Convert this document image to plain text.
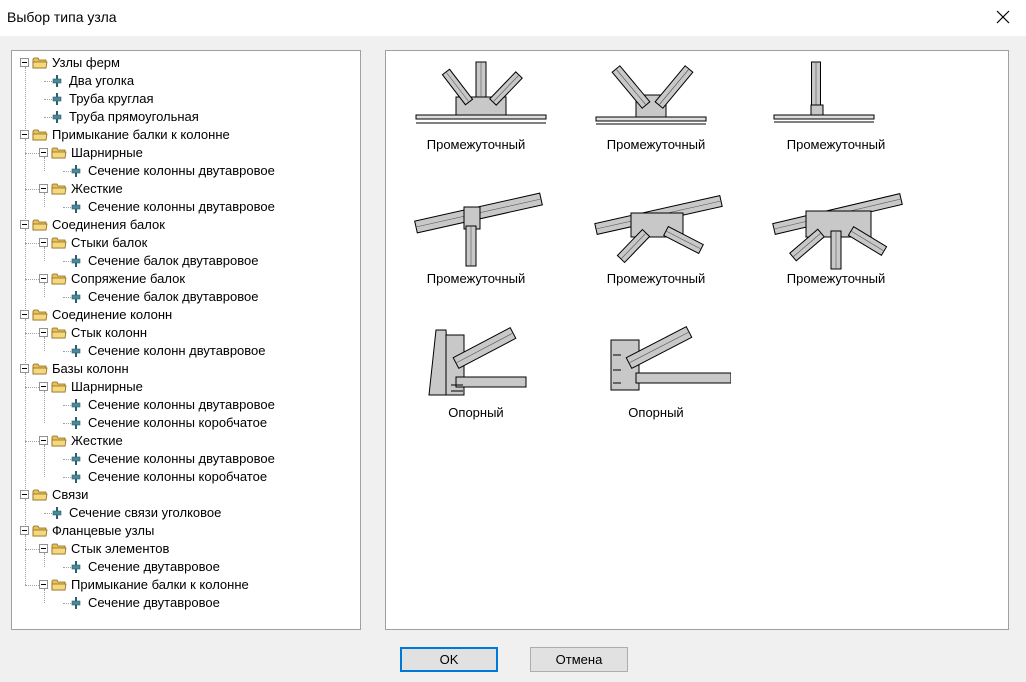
Выбор типа узла
Узлы ферм
Два уголка
Труба круглая
Труба прямоугольная
Примыкание балки к колонне
Шарнирные
Сечение колонны двутавровое
Жесткие
Сечение колонны двутавровое
Соединения балок
Стыки балок
Сечение балок двутавровое
Сопряжение балок
Сечение балок двутавровое
Соединение колонн
Стык колонн
Сечение колонн двутавровое
Базы колонн
Шарнирные
Сечение колонны двутавровое
Сечение колонны коробчатое
Жесткие
Сечение колонны двутавровое
Сечение колонны коробчатое
Связи
Сечение связи уголковое
Фланцевые узлы
Стык элементов
Сечение двутавровое
Примыкание балки к колонне
Сечение двутавровое
Промежуточный	Промежуточный	Промежуточный
Промежуточный	Промежуточный	Промежуточный
Опорный	Опорный
OK	Отмена
